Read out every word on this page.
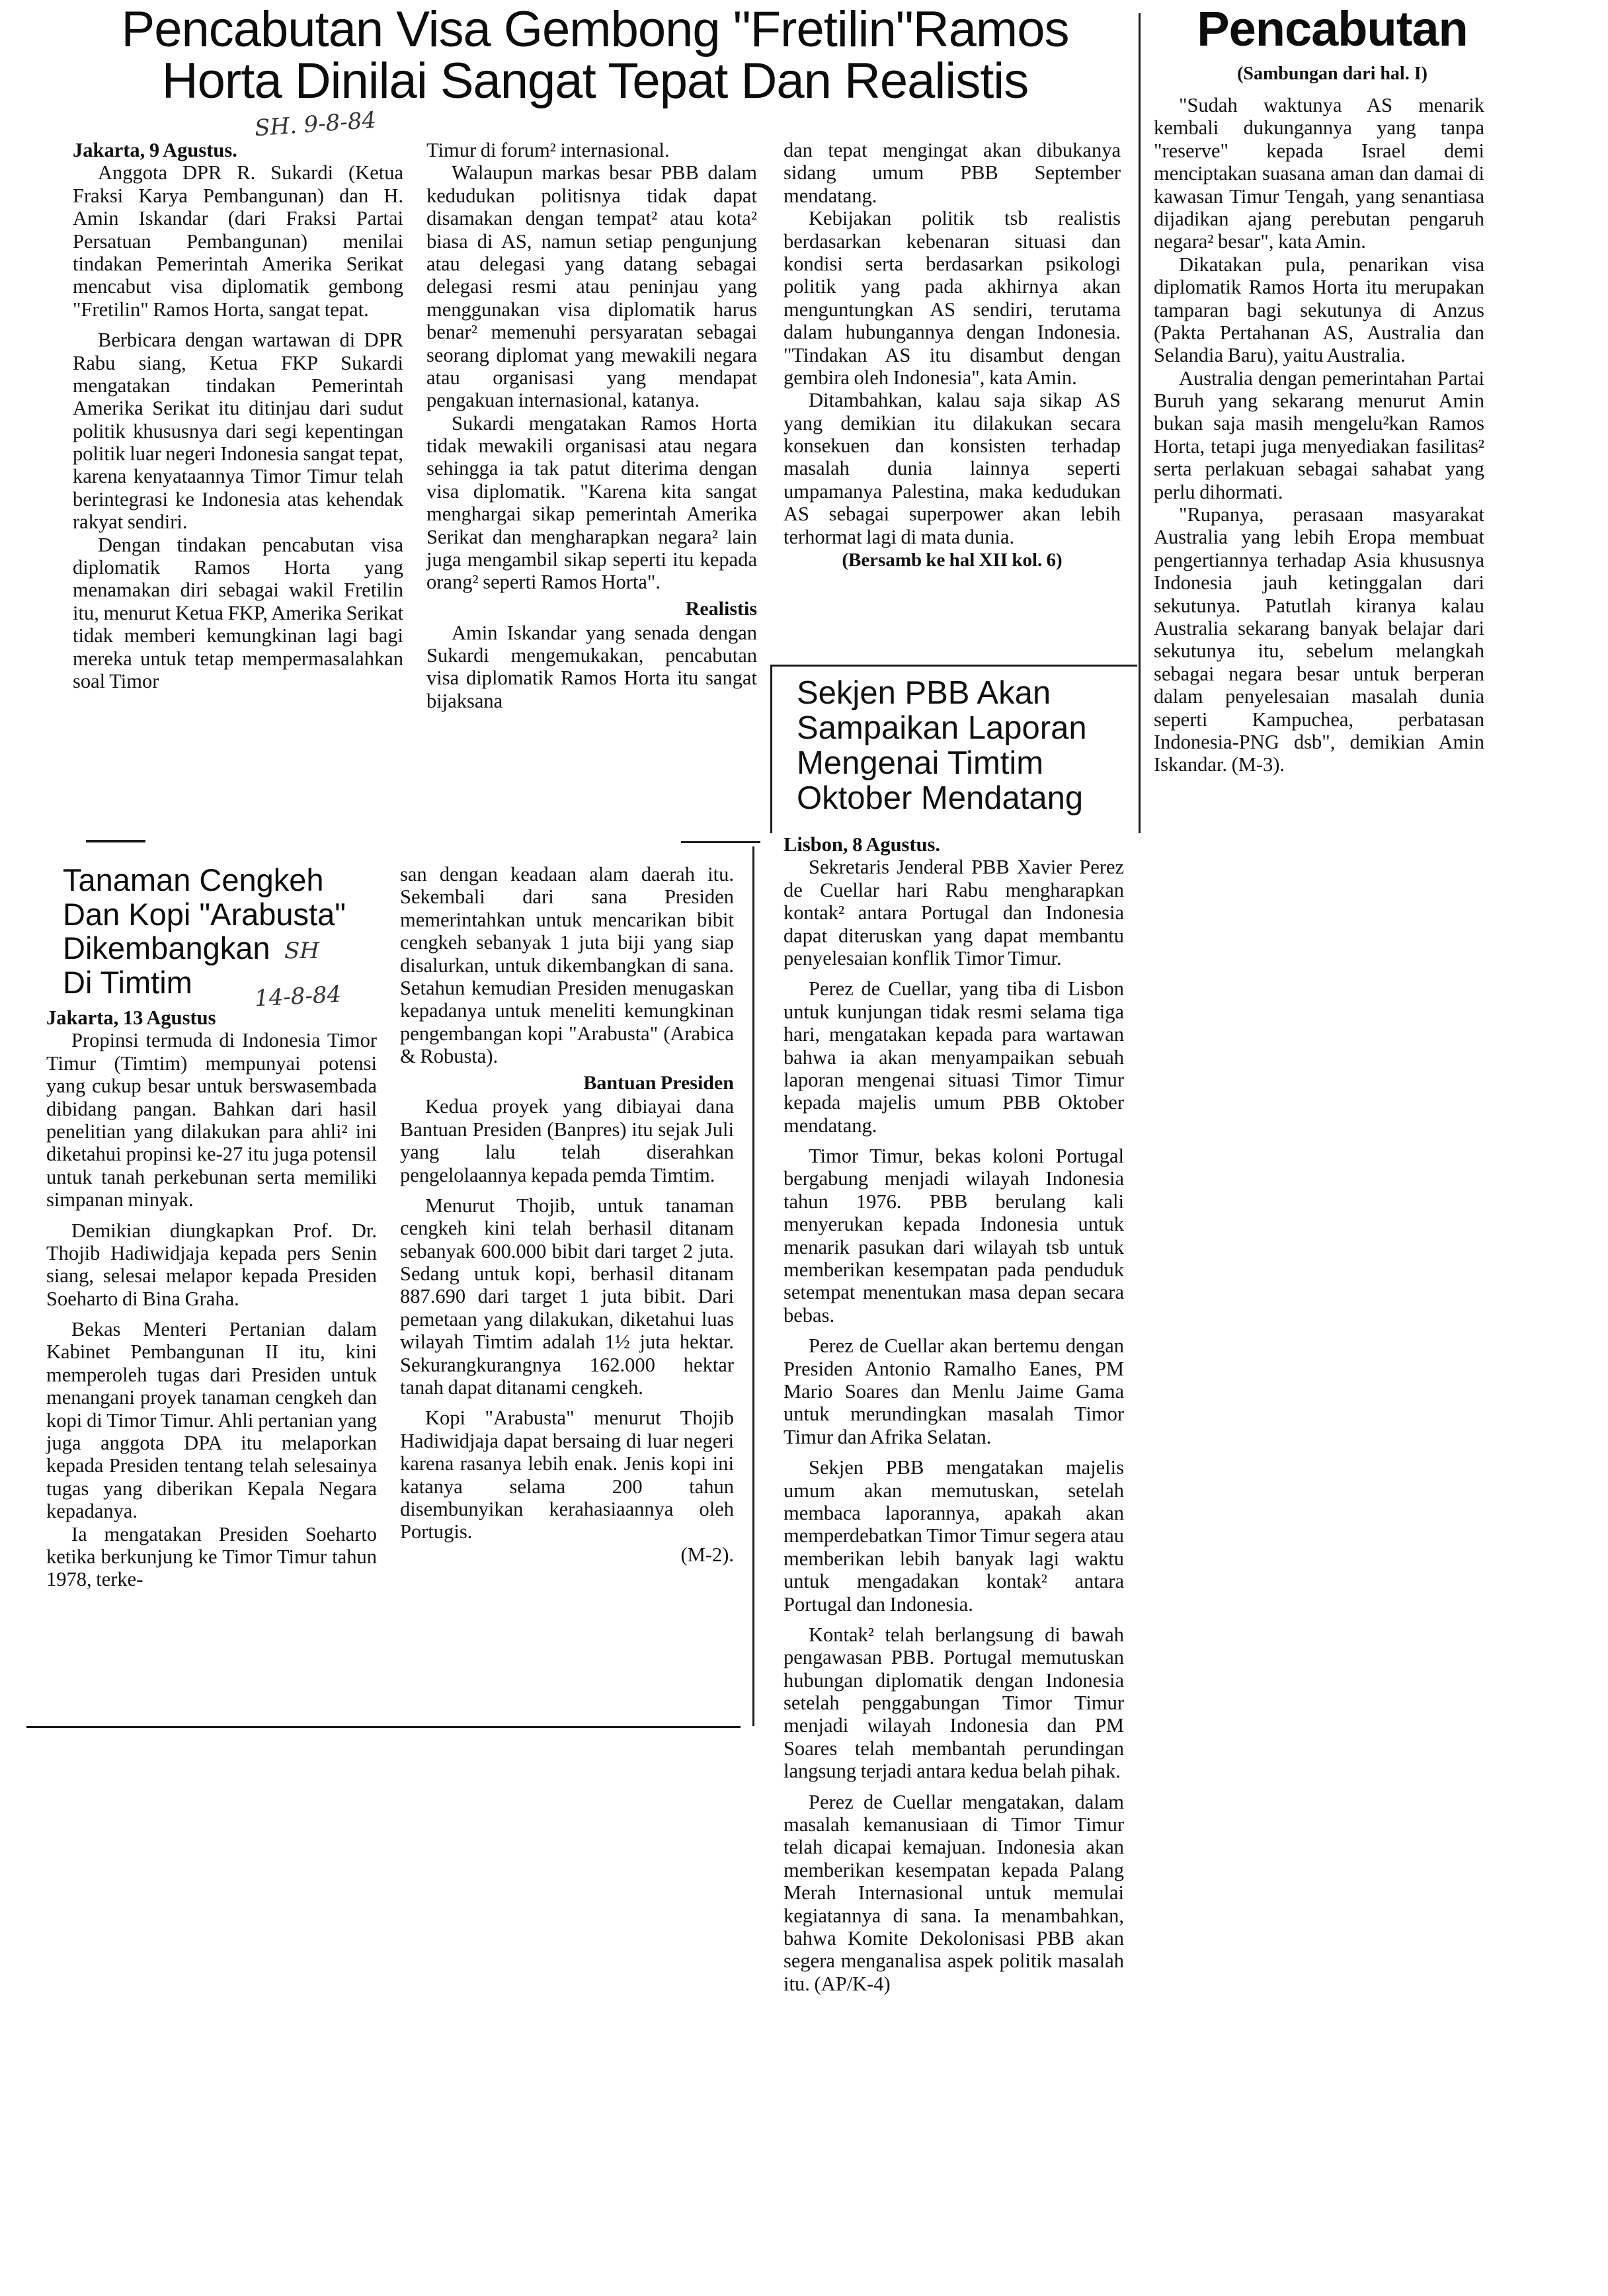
Pencabutan Visa Gembong "Fretilin"Ramos
Horta Dinilai Sangat Tepat Dan Realistis
SH. 9-8-84

Jakarta, 9 Agustus.

Anggota DPR R. Sukardi (Ketua Fraksi Karya Pembangunan) dan H. Amin Iskandar (dari Fraksi Partai Persatuan Pembangunan) menilai tindakan Pemerintah Amerika Serikat mencabut visa diplomatik gembong "Fretilin" Ramos Horta, sangat tepat.

Berbicara dengan wartawan di DPR Rabu siang, Ketua FKP Sukardi mengatakan tindakan Pemerintah Amerika Serikat itu ditinjau dari sudut politik khususnya dari segi kepentingan politik luar negeri Indonesia sangat tepat, karena kenyataannya Timor Timur telah berintegrasi ke Indonesia atas kehendak rakyat sendiri.

Dengan tindakan pencabutan visa diplomatik Ramos Horta yang menamakan diri sebagai wakil Fretilin itu, menurut Ketua FKP, Amerika Serikat tidak memberi kemungkinan lagi bagi mereka untuk tetap mempermasalahkan soal Timor

Timur di forum² internasional.

Walaupun markas besar PBB dalam kedudukan politisnya tidak dapat disamakan dengan tempat² atau kota² biasa di AS, namun setiap pengunjung atau delegasi yang datang sebagai delegasi resmi atau peninjau yang menggunakan visa diplomatik harus benar² memenuhi persyaratan sebagai seorang diplomat yang mewakili negara atau organisasi yang mendapat pengakuan internasional, katanya.

Sukardi mengatakan Ramos Horta tidak mewakili organisasi atau negara sehingga ia tak patut diterima dengan visa diplomatik. "Karena kita sangat menghargai sikap pemerintah Amerika Serikat dan mengharapkan negara² lain juga mengambil sikap seperti itu kepada orang² seperti Ramos Horta".

Realistis

Amin Iskandar yang senada dengan Sukardi mengemukakan, pencabutan visa diplomatik Ramos Horta itu sangat bijaksana

dan tepat mengingat akan dibukanya sidang umum PBB September mendatang.

Kebijakan politik tsb realistis berdasarkan kebenaran situasi dan kondisi serta berdasarkan psikologi politik yang pada akhirnya akan menguntungkan AS sendiri, terutama dalam hubungannya dengan Indonesia. "Tindakan AS itu disambut dengan gembira oleh Indonesia", kata Amin.

Ditambahkan, kalau saja sikap AS yang demikian itu dilakukan secara konsekuen dan konsisten terhadap masalah dunia lainnya seperti umpamanya Palestina, maka kedudukan AS sebagai superpower akan lebih terhormat lagi di mata dunia.

(Bersamb ke hal XII kol. 6)
Tanaman Cengkeh
Dan Kopi "Arabusta"
Dikembangkan
Di Timtim
SH
14-8-84

Jakarta, 13 Agustus

Propinsi termuda di Indonesia Timor Timur (Timtim) mempunyai potensi yang cukup besar untuk berswasembada dibidang pangan. Bahkan dari hasil penelitian yang dilakukan para ahli² ini diketahui propinsi ke-27 itu juga potensil untuk tanah perkebunan serta memiliki simpanan minyak.

Demikian diungkapkan Prof. Dr. Thojib Hadiwidjaja kepada pers Senin siang, selesai melapor kepada Presiden Soeharto di Bina Graha.

Bekas Menteri Pertanian dalam Kabinet Pembangunan II itu, kini memperoleh tugas dari Presiden untuk menangani proyek tanaman cengkeh dan kopi di Timor Timur. Ahli pertanian yang juga anggota DPA itu melaporkan kepada Presiden tentang telah selesainya tugas yang diberikan Kepala Negara kepadanya.

Ia mengatakan Presiden Soeharto ketika berkunjung ke Timor Timur tahun 1978, terke-

san dengan keadaan alam daerah itu. Sekembali dari sana Presiden memerintahkan untuk mencarikan bibit cengkeh sebanyak 1 juta biji yang siap disalurkan, untuk dikembangkan di sana. Setahun kemudian Presiden menugaskan kepadanya untuk meneliti kemungkinan pengembangan kopi "Arabusta" (Arabica & Robusta).

Bantuan Presiden

Kedua proyek yang dibiayai dana Bantuan Presiden (Banpres) itu sejak Juli yang lalu telah diserahkan pengelolaannya kepada pemda Timtim.

Menurut Thojib, untuk tanaman cengkeh kini telah berhasil ditanam sebanyak 600.000 bibit dari target 2 juta. Sedang untuk kopi, berhasil ditanam 887.690 dari target 1 juta bibit. Dari pemetaan yang dilakukan, diketahui luas wilayah Timtim adalah 1½ juta hektar. Sekurangkurangnya 162.000 hektar tanah dapat ditanami cengkeh.

Kopi "Arabusta" menurut Thojib Hadiwidjaja dapat bersaing di luar negeri karena rasanya lebih enak. Jenis kopi ini katanya selama 200 tahun disembunyikan kerahasiaannya oleh Portugis.

(M-2).
Sekjen PBB Akan
Sampaikan Laporan
Mengenai Timtim
Oktober Mendatang

Lisbon, 8 Agustus.

Sekretaris Jenderal PBB Xavier Perez de Cuellar hari Rabu mengharapkan kontak² antara Portugal dan Indonesia dapat diteruskan yang dapat membantu penyelesaian konflik Timor Timur.

Perez de Cuellar, yang tiba di Lisbon untuk kunjungan tidak resmi selama tiga hari, mengatakan kepada para wartawan bahwa ia akan menyampaikan sebuah laporan mengenai situasi Timor Timur kepada majelis umum PBB Oktober mendatang.

Timor Timur, bekas koloni Portugal bergabung menjadi wilayah Indonesia tahun 1976. PBB berulang kali menyerukan kepada Indonesia untuk menarik pasukan dari wilayah tsb untuk memberikan kesempatan pada penduduk setempat menentukan masa depan secara bebas.

Perez de Cuellar akan bertemu dengan Presiden Antonio Ramalho Eanes, PM Mario Soares dan Menlu Jaime Gama untuk merundingkan masalah Timor Timur dan Afrika Selatan.

Sekjen PBB mengatakan majelis umum akan memutuskan, setelah membaca laporannya, apakah akan memperdebatkan Timor Timur segera atau memberikan lebih banyak lagi waktu untuk mengadakan kontak² antara Portugal dan Indonesia.

Kontak² telah berlangsung di bawah pengawasan PBB. Portugal memutuskan hubungan diplomatik dengan Indonesia setelah penggabungan Timor Timur menjadi wilayah Indonesia dan PM Soares telah membantah perundingan langsung terjadi antara kedua belah pihak.

Perez de Cuellar mengatakan, dalam masalah kemanusiaan di Timor Timur telah dicapai kemajuan. Indonesia akan memberikan kesempatan kepada Palang Merah Internasional untuk memulai kegiatannya di sana. Ia menambahkan, bahwa Komite Dekolonisasi PBB akan segera menganalisa aspek politik masalah itu. (AP/K-4)

Pencabutan
(Sambungan dari hal. I)

"Sudah waktunya AS menarik kembali dukungannya yang tanpa "reserve" kepada Israel demi menciptakan suasana aman dan damai di kawasan Timur Tengah, yang senantiasa dijadikan ajang perebutan pengaruh negara² besar", kata Amin.

Dikatakan pula, penarikan visa diplomatik Ramos Horta itu merupakan tamparan bagi sekutunya di Anzus (Pakta Pertahanan AS, Australia dan Selandia Baru), yaitu Australia.

Australia dengan pemerintahan Partai Buruh yang sekarang menurut Amin bukan saja masih mengelu²kan Ramos Horta, tetapi juga menyediakan fasilitas² serta perlakuan sebagai sahabat yang perlu dihormati.

"Rupanya, perasaan masyarakat Australia yang lebih Eropa membuat pengertiannya terhadap Asia khususnya Indonesia jauh ketinggalan dari sekutunya. Patutlah kiranya kalau Australia sekarang banyak belajar dari sekutunya itu, sebelum melangkah sebagai negara besar untuk berperan dalam penyelesaian masalah dunia seperti Kampuchea, perbatasan Indonesia-PNG dsb", demikian Amin Iskandar. (M-3).
